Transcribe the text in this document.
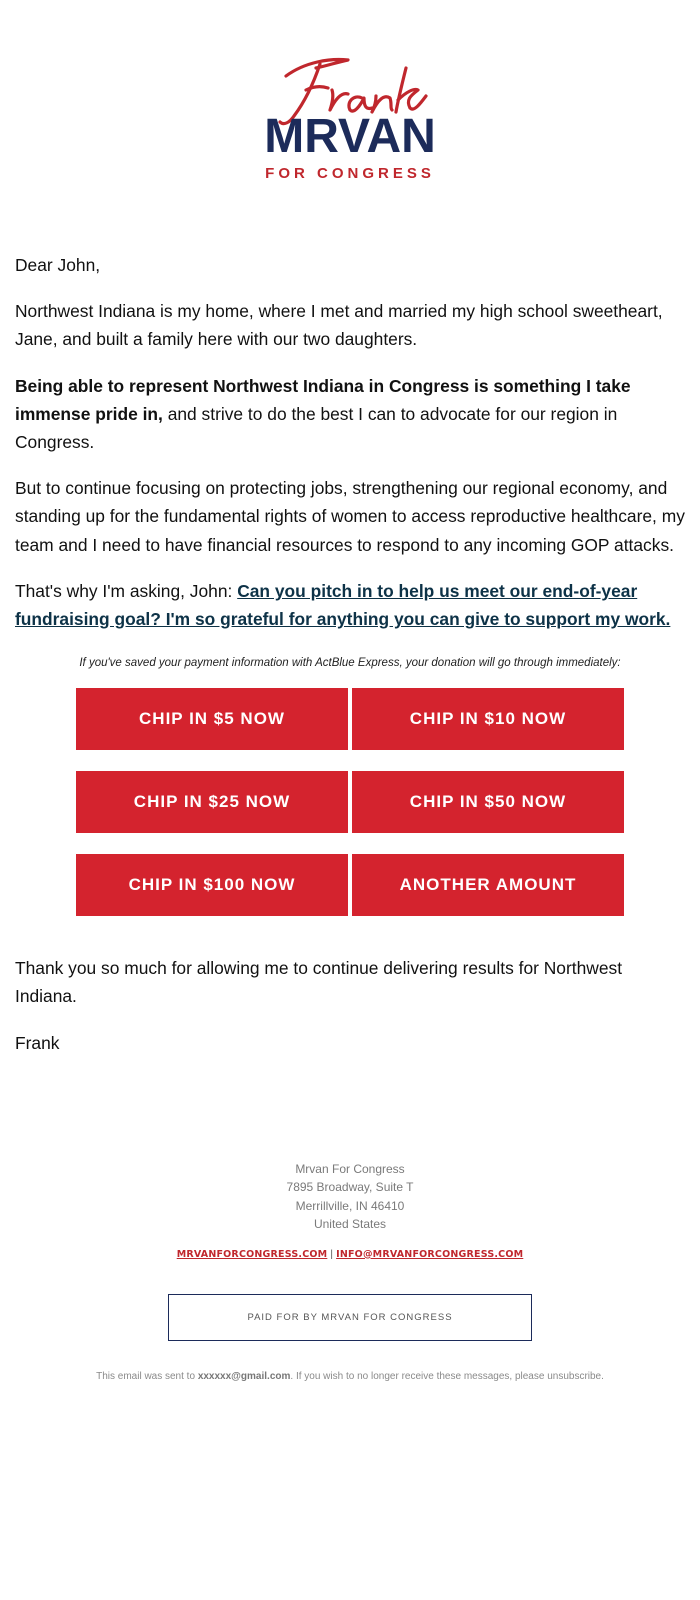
MRVAN
FOR CONGRESS

Dear John,

Northwest Indiana is my home, where I met and married my high school sweetheart, Jane, and built a family here with our two daughters.

Being able to represent Northwest Indiana in Congress is something I take immense pride in, and strive to do the best I can to advocate for our region in Congress.

But to continue focusing on protecting jobs, strengthening our regional economy, and standing up for the fundamental rights of women to access reproductive healthcare, my team and I need to have financial resources to respond to any incoming GOP attacks.

That's why I'm asking, John: Can you pitch in to help us meet our end-of-year fundraising goal? I'm so grateful for anything you can give to support my work.

If you've saved your payment information with ActBlue Express, your donation will go through immediately:
CHIP IN $5 NOW	CHIP IN $10 NOW
CHIP IN $25 NOW	CHIP IN $50 NOW
CHIP IN $100 NOW	ANOTHER AMOUNT

Thank you so much for allowing me to continue delivering results for Northwest Indiana.

Frank

Mrvan For Congress
7895 Broadway, Suite T
Merrillville, IN 46410
United States
MRVANFORCONGRESS.COM | INFO@MRVANFORCONGRESS.COM
PAID FOR BY MRVAN FOR CONGRESS
This email was sent to xxxxxx@gmail.com. If you wish to no longer receive these messages, please unsubscribe.
